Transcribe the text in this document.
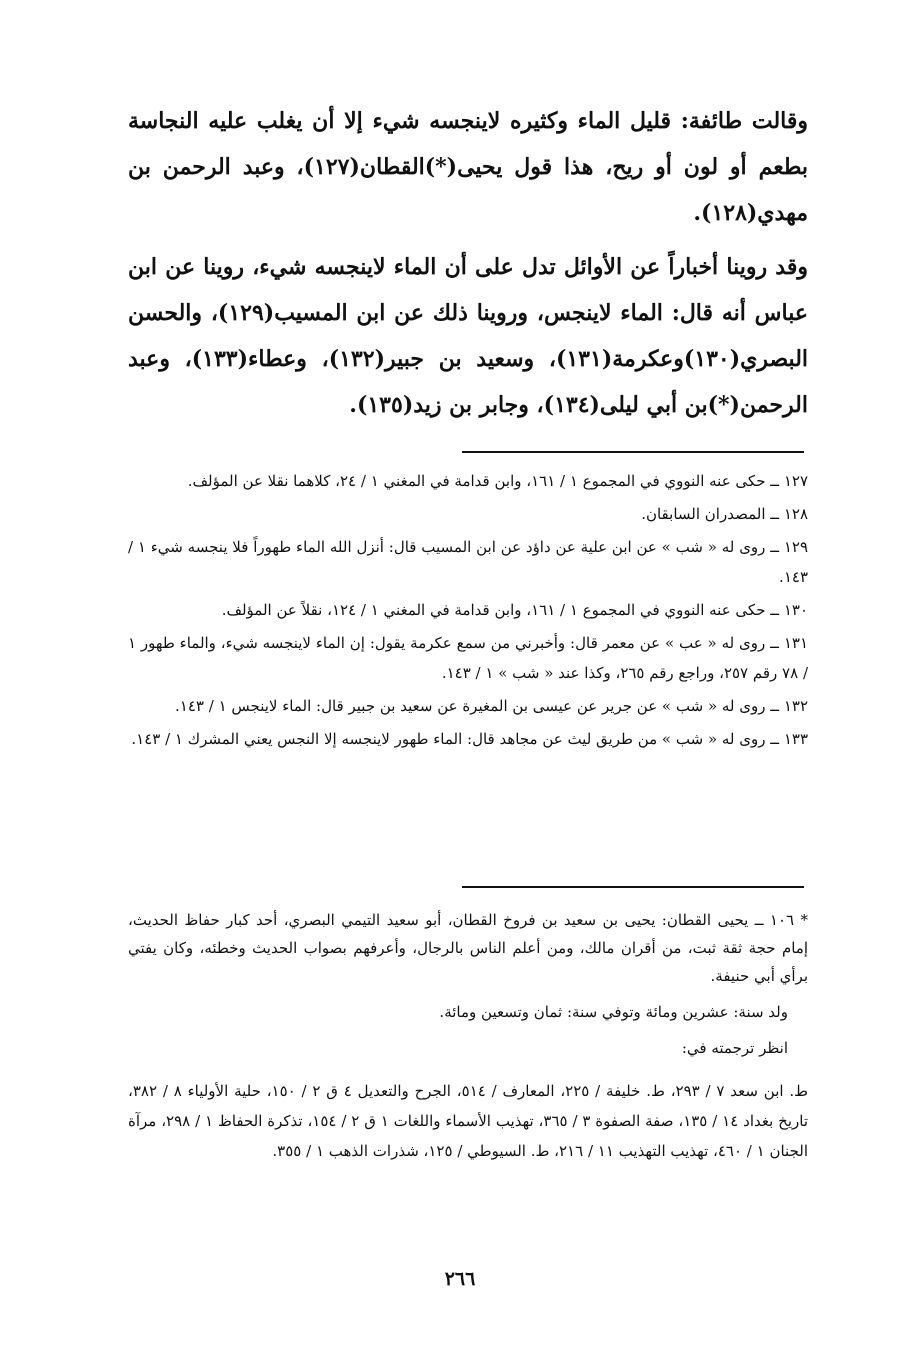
وقالت طائفة: قليل الماء وكثيره لاينجسه شيء إلا أن يغلب عليه النجاسة بطعم أو لون أو ريح، هذا قول يحيى(*)القطان(١٢٧)، وعبد الرحمن بن مهدي(١٢٨).

وقد روينا أخباراً عن الأوائل تدل على أن الماء لاينجسه شيء، روينا عن ابن عباس أنه قال: الماء لاينجس، وروينا ذلك عن ابن المسيب(١٢٩)، والحسن البصري(١٣٠)وعكرمة(١٣١)، وسعيد بن جبير(١٣٢)، وعطاء(١٣٣)، وعبد الرحمن(*)بن أبي ليلى(١٣٤)، وجابر بن زيد(١٣٥).

١٢٧ ــ حكى عنه النووي في المجموع ١ / ١٦١، وابن قدامة في المغني ١ / ٢٤، كلاهما نقلا عن المؤلف.

١٢٨ ــ المصدران السابقان.

١٢٩ ــ روى له « شب » عن ابن علية عن داؤد عن ابن المسيب قال: أنزل الله الماء طهوراً فلا ينجسه شيء ١ / ١٤٣.

١٣٠ ــ حكى عنه النووي في المجموع ١ / ١٦١، وابن قدامة في المغني ١ / ١٢٤، نقلاً عن المؤلف.

١٣١ ــ روى له « عب » عن معمر قال: وأخبرني من سمع عكرمة يقول: إن الماء لاينجسه شيء، والماء طهور ١ / ٧٨ رقم ٢٥٧، وراجع رقم ٢٦٥، وكذا عند « شب » ١ / ١٤٣.

١٣٢ ــ روى له « شب » عن جرير عن عيسى بن المغيرة عن سعيد بن جبير قال: الماء لاينجس ١ / ١٤٣.

١٣٣ ــ روى له « شب » من طريق ليث عن مجاهد قال: الماء طهور لاينجسه إلا النجس يعني المشرك ١ / ١٤٣.

* ١٠٦ ــ يحيى القطان: يحيى بن سعيد بن فروخ القطان، أبو سعيد التيمي البصري، أحد كبار حفاظ الحديث، إمام حجة ثقة ثبت، من أقران مالك، ومن أعلم الناس بالرجال، وأعرفهم بصواب الحديث وخطئه، وكان يفتي برأي أبي حنيفة.

ولد سنة: عشرين ومائة وتوفي سنة: ثمان وتسعين ومائة.

انظر ترجمته في:

ط. ابن سعد ٧ / ٢٩٣، ط. خليفة / ٢٢٥، المعارف / ٥١٤، الجرح والتعديل ٤ ق ٢ / ١٥٠، حلية الأولياء ٨ / ٣٨٢، تاريخ بغداد ١٤ / ١٣٥، صفة الصفوة ٣ / ٣٦٥، تهذيب الأسماء واللغات ١ ق ٢ / ١٥٤، تذكرة الحفاظ ١ / ٢٩٨، مرآة الجنان ١ / ٤٦٠، تهذيب التهذيب ١١ / ٢١٦، ط. السيوطي / ١٢٥، شذرات الذهب ١ / ٣٥٥.

٢٦٦
